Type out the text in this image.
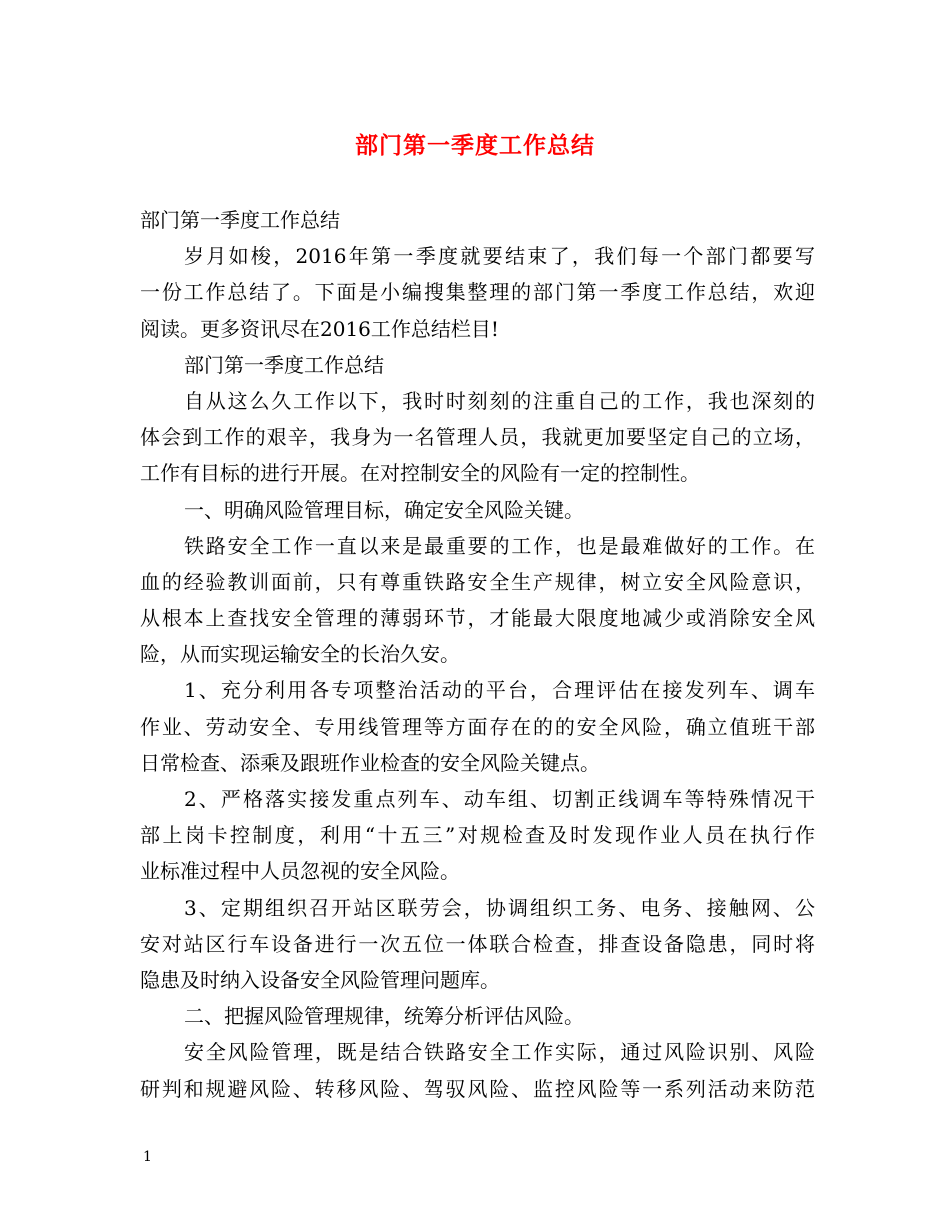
部门第一季度工作总结
部门第一季度工作总结
岁月如梭，2016年第一季度就要结束了，我们每一个部门都要写
一份工作总结了。下面是小编搜集整理的部门第一季度工作总结，欢迎
阅读。更多资讯尽在2016工作总结栏目!
部门第一季度工作总结
自从这么久工作以下，我时时刻刻的注重自己的工作，我也深刻的
体会到工作的艰辛，我身为一名管理人员，我就更加要坚定自己的立场，
工作有目标的进行开展。在对控制安全的风险有一定的控制性。
一、明确风险管理目标，确定安全风险关键。
铁路安全工作一直以来是最重要的工作，也是最难做好的工作。在
血的经验教训面前，只有尊重铁路安全生产规律，树立安全风险意识，
从根本上查找安全管理的薄弱环节，才能最大限度地减少或消除安全风
险，从而实现运输安全的长治久安。
1、充分利用各专项整治活动的平台，合理评估在接发列车、调车
作业、劳动安全、专用线管理等方面存在的的安全风险，确立值班干部
日常检查、添乘及跟班作业检查的安全风险关键点。
2、严格落实接发重点列车、动车组、切割正线调车等特殊情况干
部上岗卡控制度，利用“十五三”对规检查及时发现作业人员在执行作
业标准过程中人员忽视的安全风险。
3、定期组织召开站区联劳会，协调组织工务、电务、接触网、公
安对站区行车设备进行一次五位一体联合检查，排查设备隐患，同时将
隐患及时纳入设备安全风险管理问题库。
二、把握风险管理规律，统筹分析评估风险。
安全风险管理，既是结合铁路安全工作实际，通过风险识别、风险
研判和规避风险、转移风险、驾驭风险、监控风险等一系列活动来防范
1
